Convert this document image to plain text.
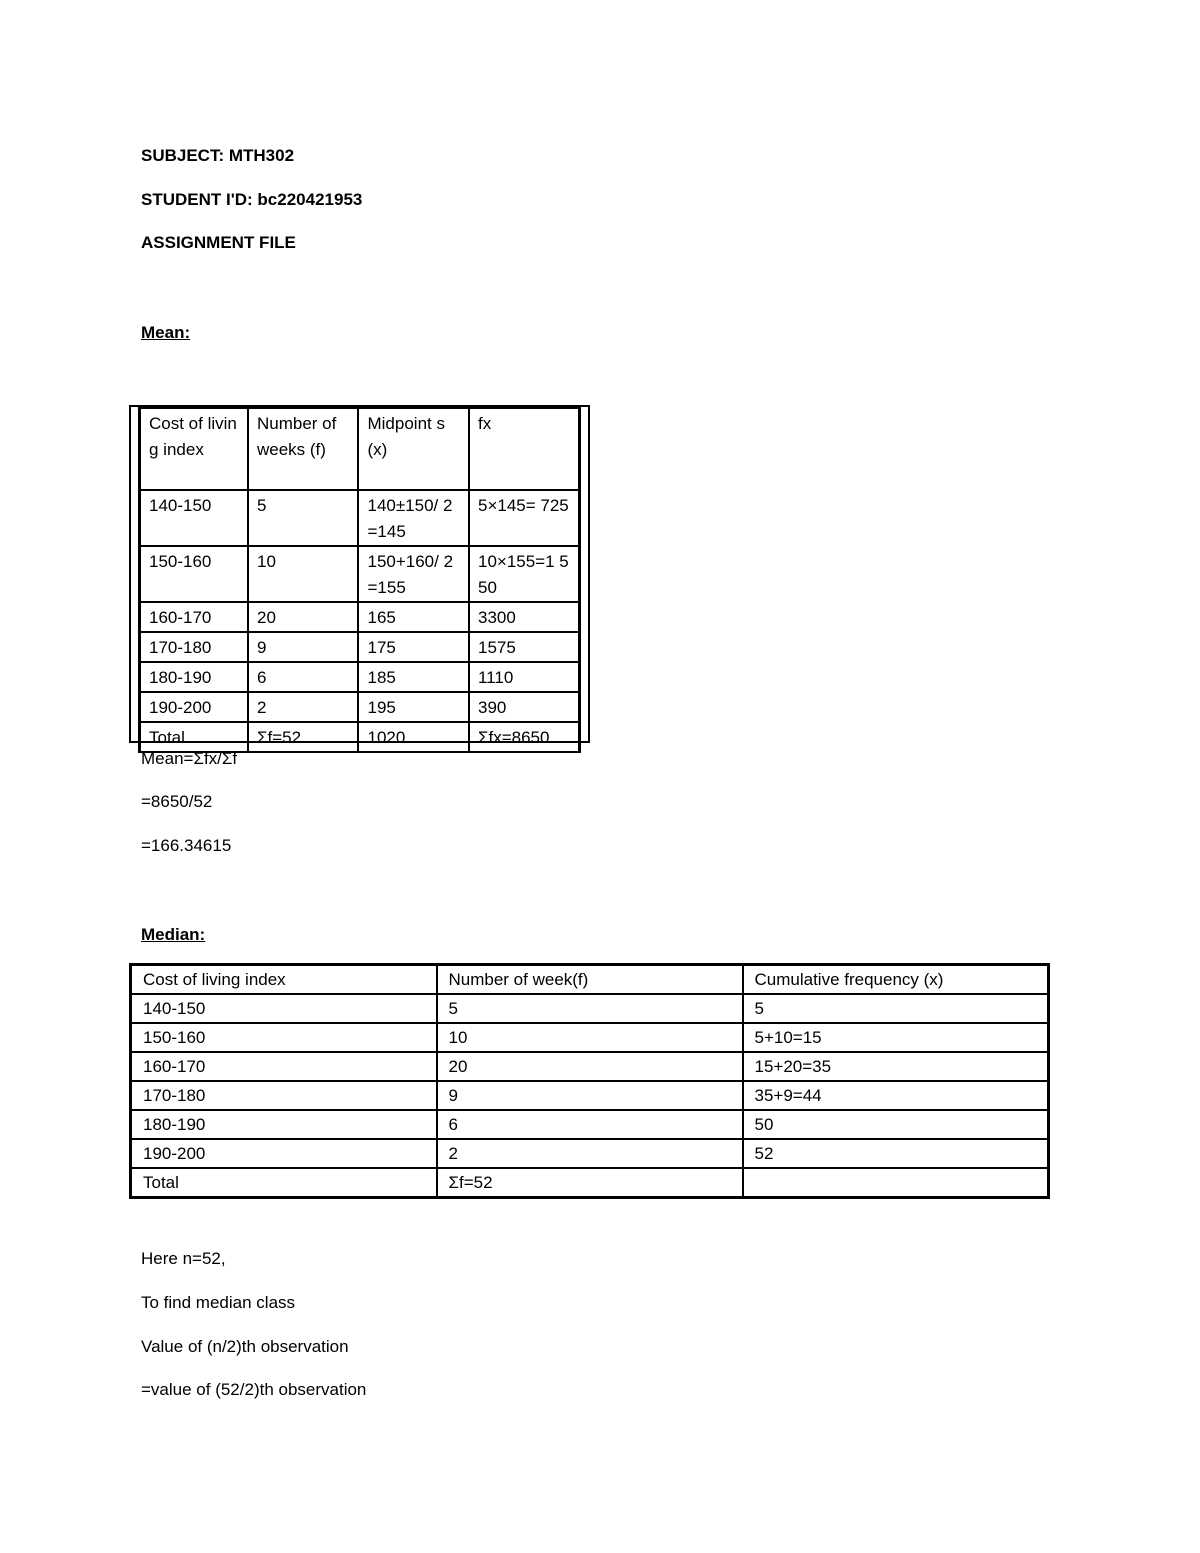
SUBJECT: MTH302
STUDENT I'D: bc220421953
ASSIGNMENT FILE
Mean:
Cost of living index	Number of weeks (f)	Midpoint s(x)	fx
140-150	5	140±150/ 2=145	5×145= 725
150-160	10	150+160/ 2=155	10×155=1 550
160-170	20	165	3300
170-180	9	175	1575
180-190	6	185	1110
190-200	2	195	390
Total	Σf=52	1020	Σfx=8650
Mean=Σfx/Σf
=8650/52
=166.34615
Median:
Cost of living index	Number of week(f)	Cumulative frequency (x)
140-150	5	5
150-160	10	5+10=15
160-170	20	15+20=35
170-180	9	35+9=44
180-190	6	50
190-200	2	52
Total	Σf=52	
Here n=52,
To find median class
Value of (n/2)th observation
=value of (52/2)th observation
